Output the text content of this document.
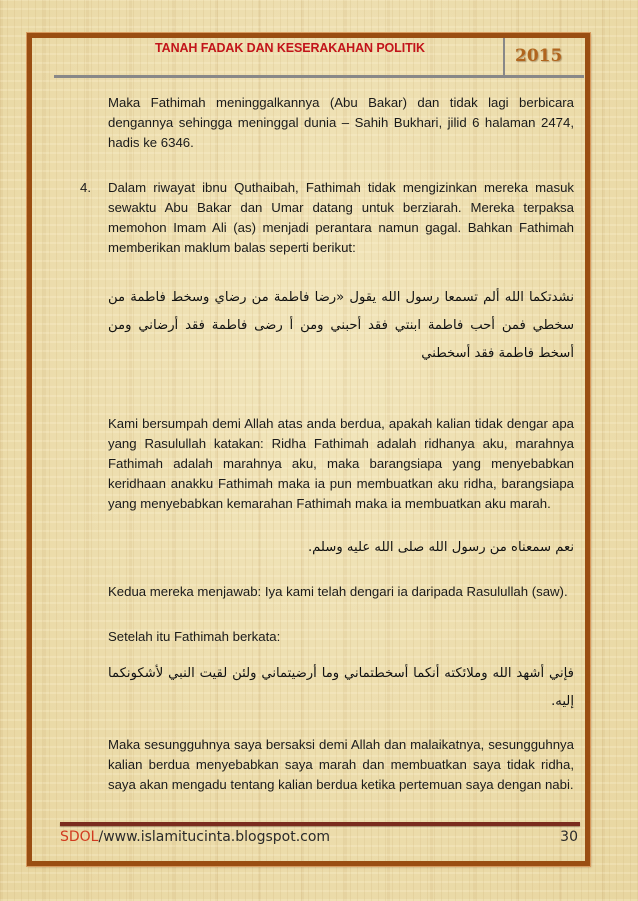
TANAH FADAK DAN KESERAKAHAN POLITIK	2015

Maka Fathimah meninggalkannya (Abu Bakar) dan tidak lagi berbicara dengannya sehingga meninggal dunia – Sahih Bukhari, jilid 6 halaman 2474, hadis ke 6346.

4.	Dalam riwayat ibnu Quthaibah, Fathimah tidak mengizinkan mereka masuk sewaktu Abu Bakar dan Umar datang untuk berziarah. Mereka terpaksa memohon Imam Ali (as) menjadi perantara namun gagal. Bahkan Fathimah memberikan maklum balas seperti berikut:

نشدتكما الله ألم تسمعا رسول الله يقول «رضا فاطمة من رضاي وسخط فاطمة من سخطي فمن أحب فاطمة ابنتي فقد أحبني ومن أ رضى فاطمة فقد أرضاني ومن أسخط فاطمة فقد أسخطني
Kami bersumpah demi Allah atas anda berdua, apakah kalian tidak dengar apa yang Rasulullah katakan: Ridha Fathimah adalah ridhanya aku, marahnya Fathimah adalah marahnya aku, maka barangsiapa yang menyebabkan keridhaan anakku Fathimah maka ia pun membuatkan aku ridha, barangsiapa yang menyebabkan kemarahan Fathimah maka ia membuatkan aku marah.
نعم سمعناه من رسول الله صلى الله عليه وسلم.
Kedua mereka menjawab: Iya kami telah dengari ia daripada Rasulullah (saw).
Setelah itu Fathimah berkata:
فإني أشهد الله وملائكته أنكما أسخطتماني وما أرضيتماني ولئن لقيت النبي لأشكونكما إليه.
Maka sesungguhnya saya bersaksi demi Allah dan malaikatnya, sesungguhnya kalian berdua menyebabkan saya marah dan membuatkan saya tidak ridha, saya akan mengadu tentang kalian berdua ketika pertemuan saya dengan nabi.
SDOL/www.islamitucinta.blogspot.com	30
